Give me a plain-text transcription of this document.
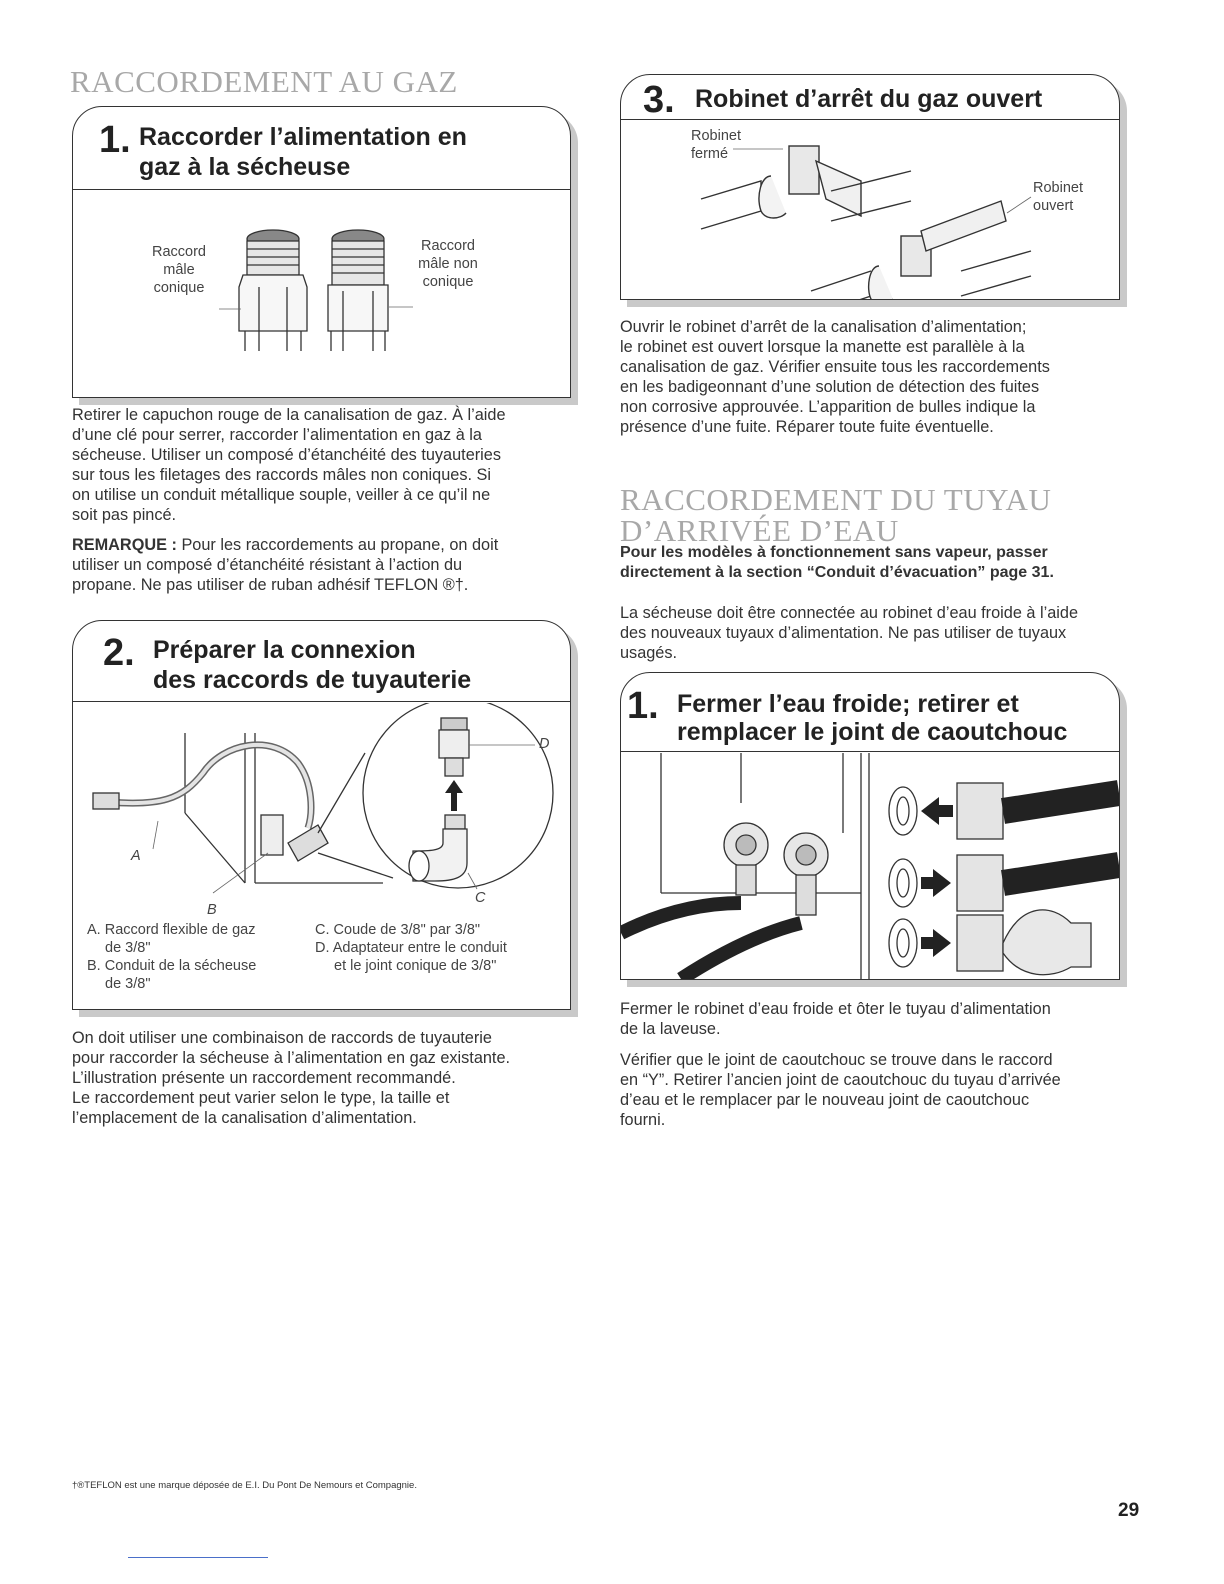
RACCORDEMENT AU GAZ
1. Raccorder l’alimentation en
gaz à la sécheuse
Raccord
mâle
conique
Raccord
mâle non
conique

Retirer le capuchon rouge de la canalisation de gaz. À l’aide

d’une clé pour serrer, raccorder l’alimentation en gaz à la

sécheuse. Utiliser un composé d’étanchéité des tuyauteries

sur tous les filetages des raccords mâles non coniques. Si

on utilise un conduit métallique souple, veiller à ce qu’il ne

soit pas pincé.

REMARQUE : Pour les raccordements au propane, on doit

utiliser un composé d’étanchéité résistant à l’action du

propane. Ne pas utiliser de ruban adhésif TEFLON ®†.

2. Préparer la connexion
des raccords de tuyauterie
D
A
B
C
A. Raccord flexible de gaz
de 3/8"
B. Conduit de la sécheuse
de 3/8"
C. Coude de 3/8" par 3/8"
D. Adaptateur entre le conduit
et le joint conique de 3/8"

On doit utiliser une combinaison de raccords de tuyauterie

pour raccorder la sécheuse à l’alimentation en gaz existante.

L’illustration présente un raccordement recommandé.

Le raccordement peut varier selon le type, la taille et

l’emplacement de la canalisation d’alimentation.

3. Robinet d’arrêt du gaz ouvert
Robinet
fermé
Robinet
ouvert

Ouvrir le robinet d’arrêt de la canalisation d’alimentation;

le robinet est ouvert lorsque la manette est parallèle à la

canalisation de gaz. Vérifier ensuite tous les raccordements

en les badigeonnant d’une solution de détection des fuites

non corrosive approuvée. L’apparition de bulles indique la

présence d’une fuite. Réparer toute fuite éventuelle.

RACCORDEMENT DU TUYAU
D’ARRIVÉE D’EAU

Pour les modèles à fonctionnement sans vapeur, passer

directement à la section “Conduit d’évacuation” page 31.

La sécheuse doit être connectée au robinet d’eau froide à l’aide

des nouveaux tuyaux d’alimentation. Ne pas utiliser de tuyaux

usagés.

1. Fermer l’eau froide; retirer et
remplacer le joint de caoutchouc

Fermer le robinet d’eau froide et ôter le tuyau d’alimentation

de la laveuse.

Vérifier que le joint de caoutchouc se trouve dans le raccord

en “Y”. Retirer l’ancien joint de caoutchouc du tuyau d’arrivée

d’eau et le remplacer par le nouveau joint de caoutchouc

fourni.

†®TEFLON est une marque déposée de E.I. Du Pont De Nemours et Compagnie.
29
